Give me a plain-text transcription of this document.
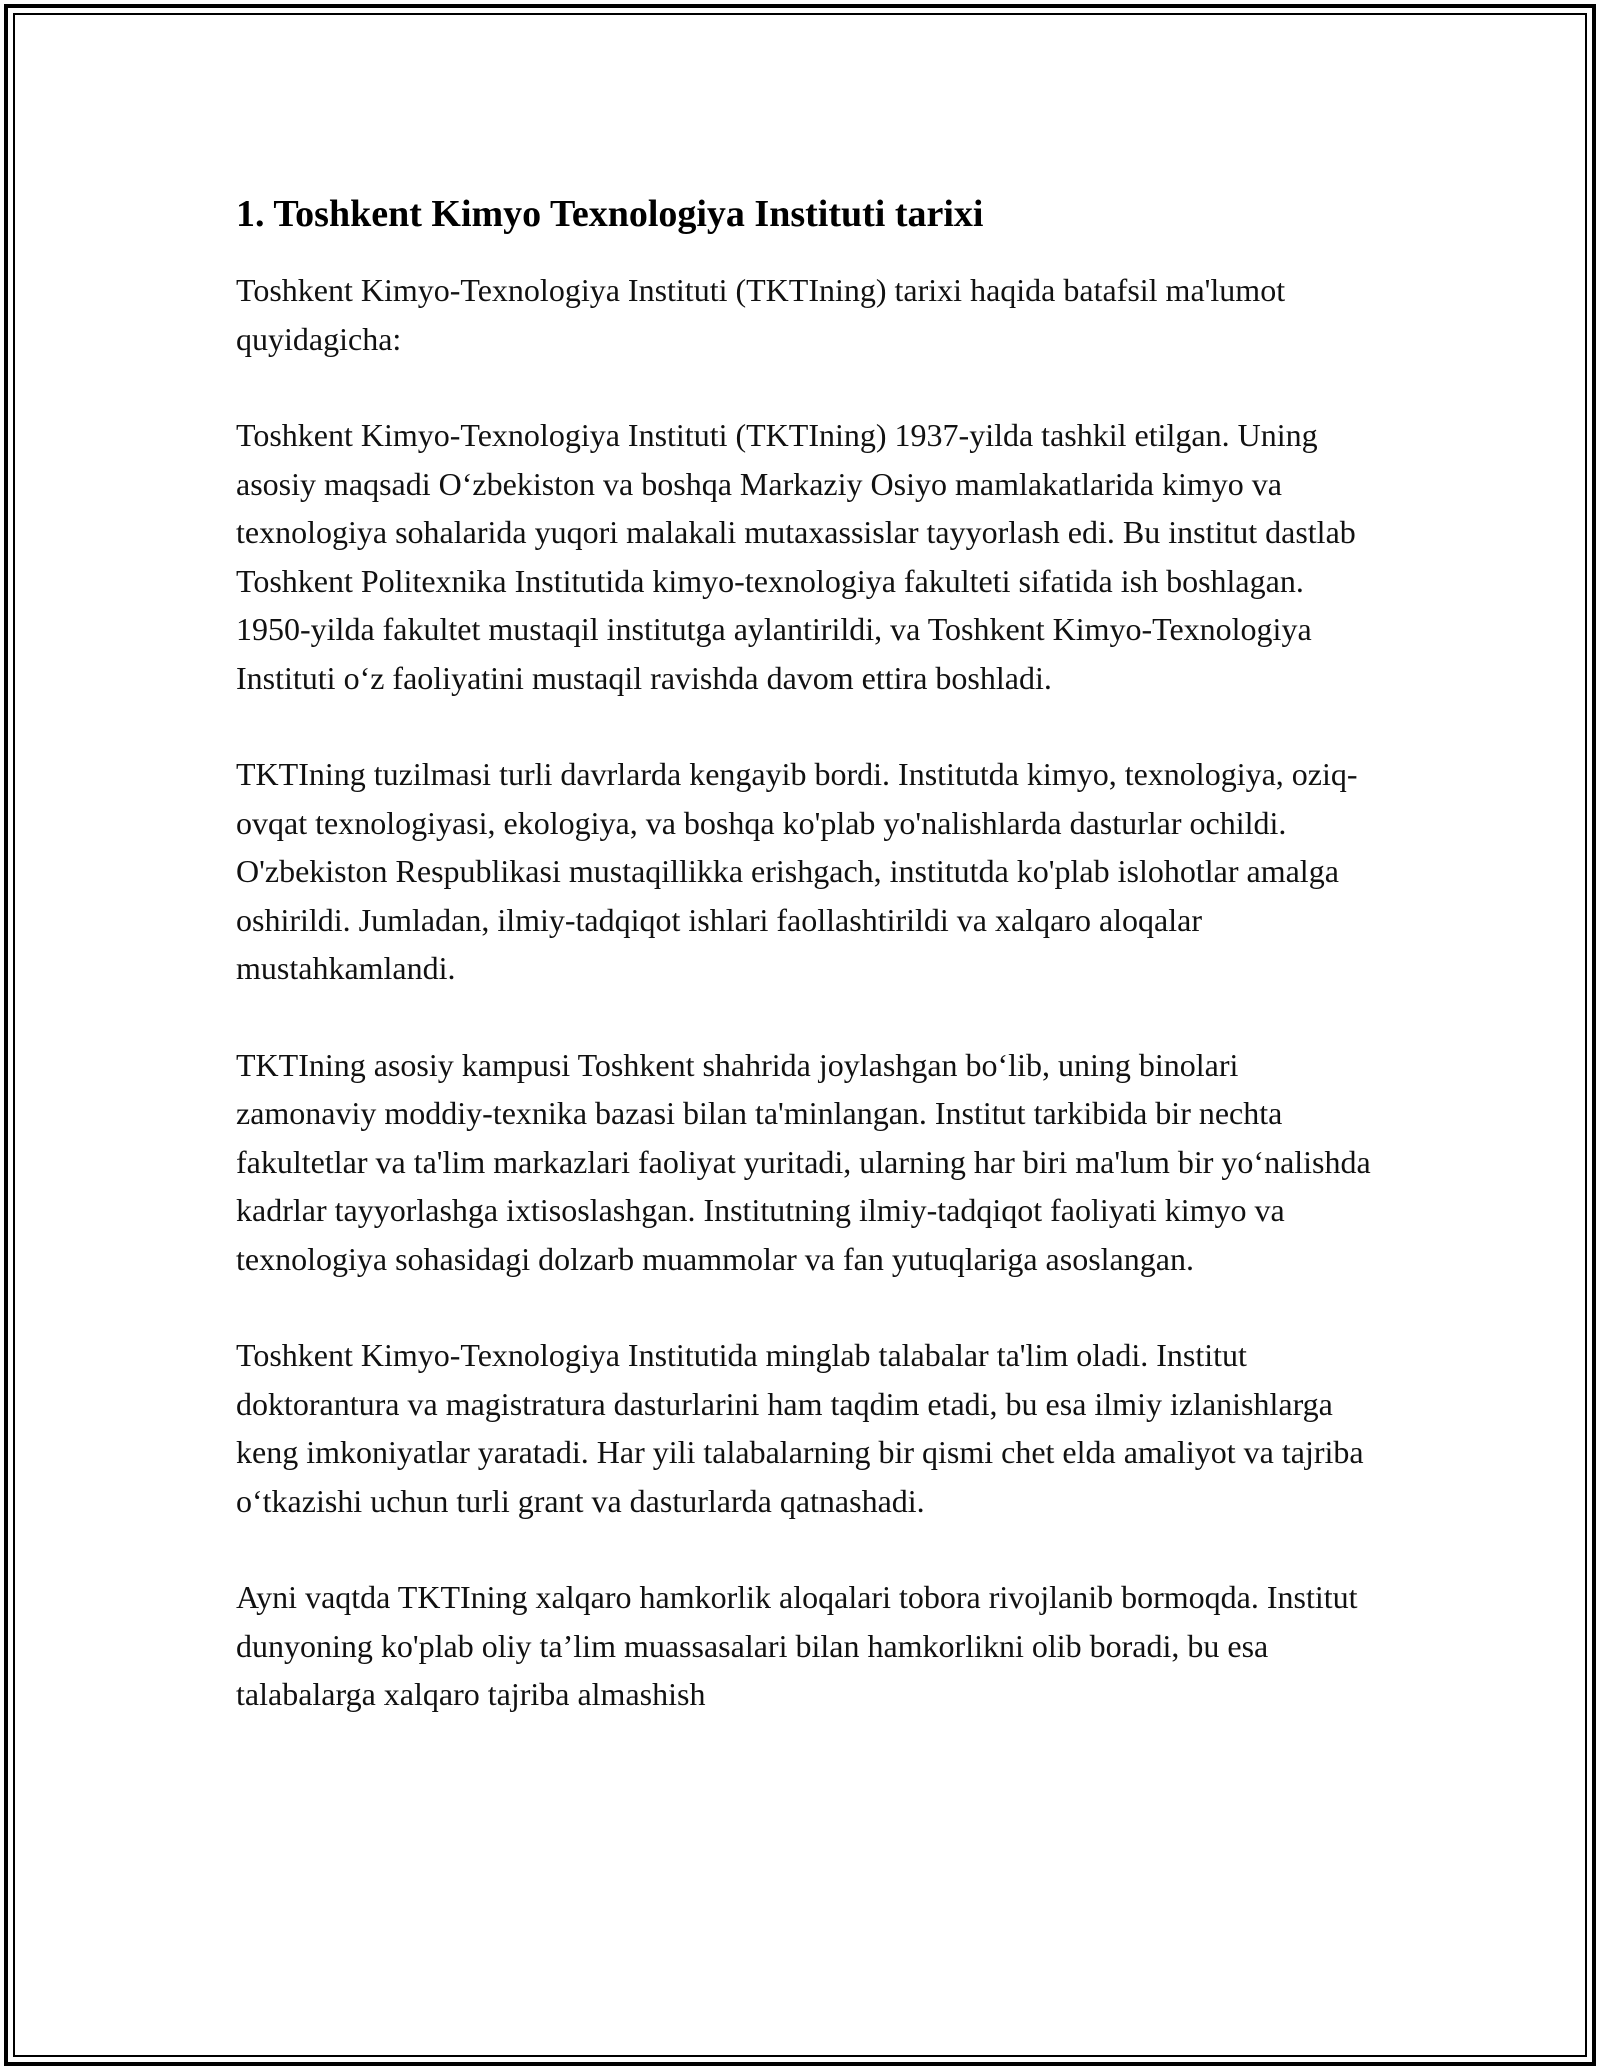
1. Toshkent Kimyo Texnologiya Instituti tarixi

Toshkent Kimyo-Texnologiya Instituti (TKTIning) tarixi haqida batafsil ma'lumot quyidagicha:

Toshkent Kimyo-Texnologiya Instituti (TKTIning) 1937-yilda tashkil etilgan. Uning asosiy maqsadi O‘zbekiston va boshqa Markaziy Osiyo mamlakatlarida kimyo va texnologiya sohalarida yuqori malakali mutaxassislar tayyorlash edi. Bu institut dastlab Toshkent Politexnika Institutida kimyo-texnologiya fakulteti sifatida ish boshlagan. 1950-yilda fakultet mustaqil institutga aylantirildi, va Toshkent Kimyo-Texnologiya Instituti o‘z faoliyatini mustaqil ravishda davom ettira boshladi.

TKTIning tuzilmasi turli davrlarda kengayib bordi. Institutda kimyo, texnologiya, oziq-ovqat texnologiyasi, ekologiya, va boshqa ko'plab yo'nalishlarda dasturlar ochildi. O'zbekiston Respublikasi mustaqillikka erishgach, institutda ko'plab islohotlar amalga oshirildi. Jumladan, ilmiy-tadqiqot ishlari faollashtirildi va xalqaro aloqalar mustahkamlandi.

TKTIning asosiy kampusi Toshkent shahrida joylashgan bo‘lib, uning binolari zamonaviy moddiy-texnika bazasi bilan ta'minlangan. Institut tarkibida bir nechta fakultetlar va ta'lim markazlari faoliyat yuritadi, ularning har biri ma'lum bir yo‘nalishda kadrlar tayyorlashga ixtisoslashgan. Institutning ilmiy-tadqiqot faoliyati kimyo va texnologiya sohasidagi dolzarb muammolar va fan yutuqlariga asoslangan.

Toshkent Kimyo-Texnologiya Institutida minglab talabalar ta'lim oladi. Institut doktorantura va magistratura dasturlarini ham taqdim etadi, bu esa ilmiy izlanishlarga keng imkoniyatlar yaratadi. Har yili talabalarning bir qismi chet elda amaliyot va tajriba o‘tkazishi uchun turli grant va dasturlarda qatnashadi.

Ayni vaqtda TKTIning xalqaro hamkorlik aloqalari tobora rivojlanib bormoqda. Institut dunyoning ko'plab oliy ta’lim muassasalari bilan hamkorlikni olib boradi, bu esa talabalarga xalqaro tajriba almashish
